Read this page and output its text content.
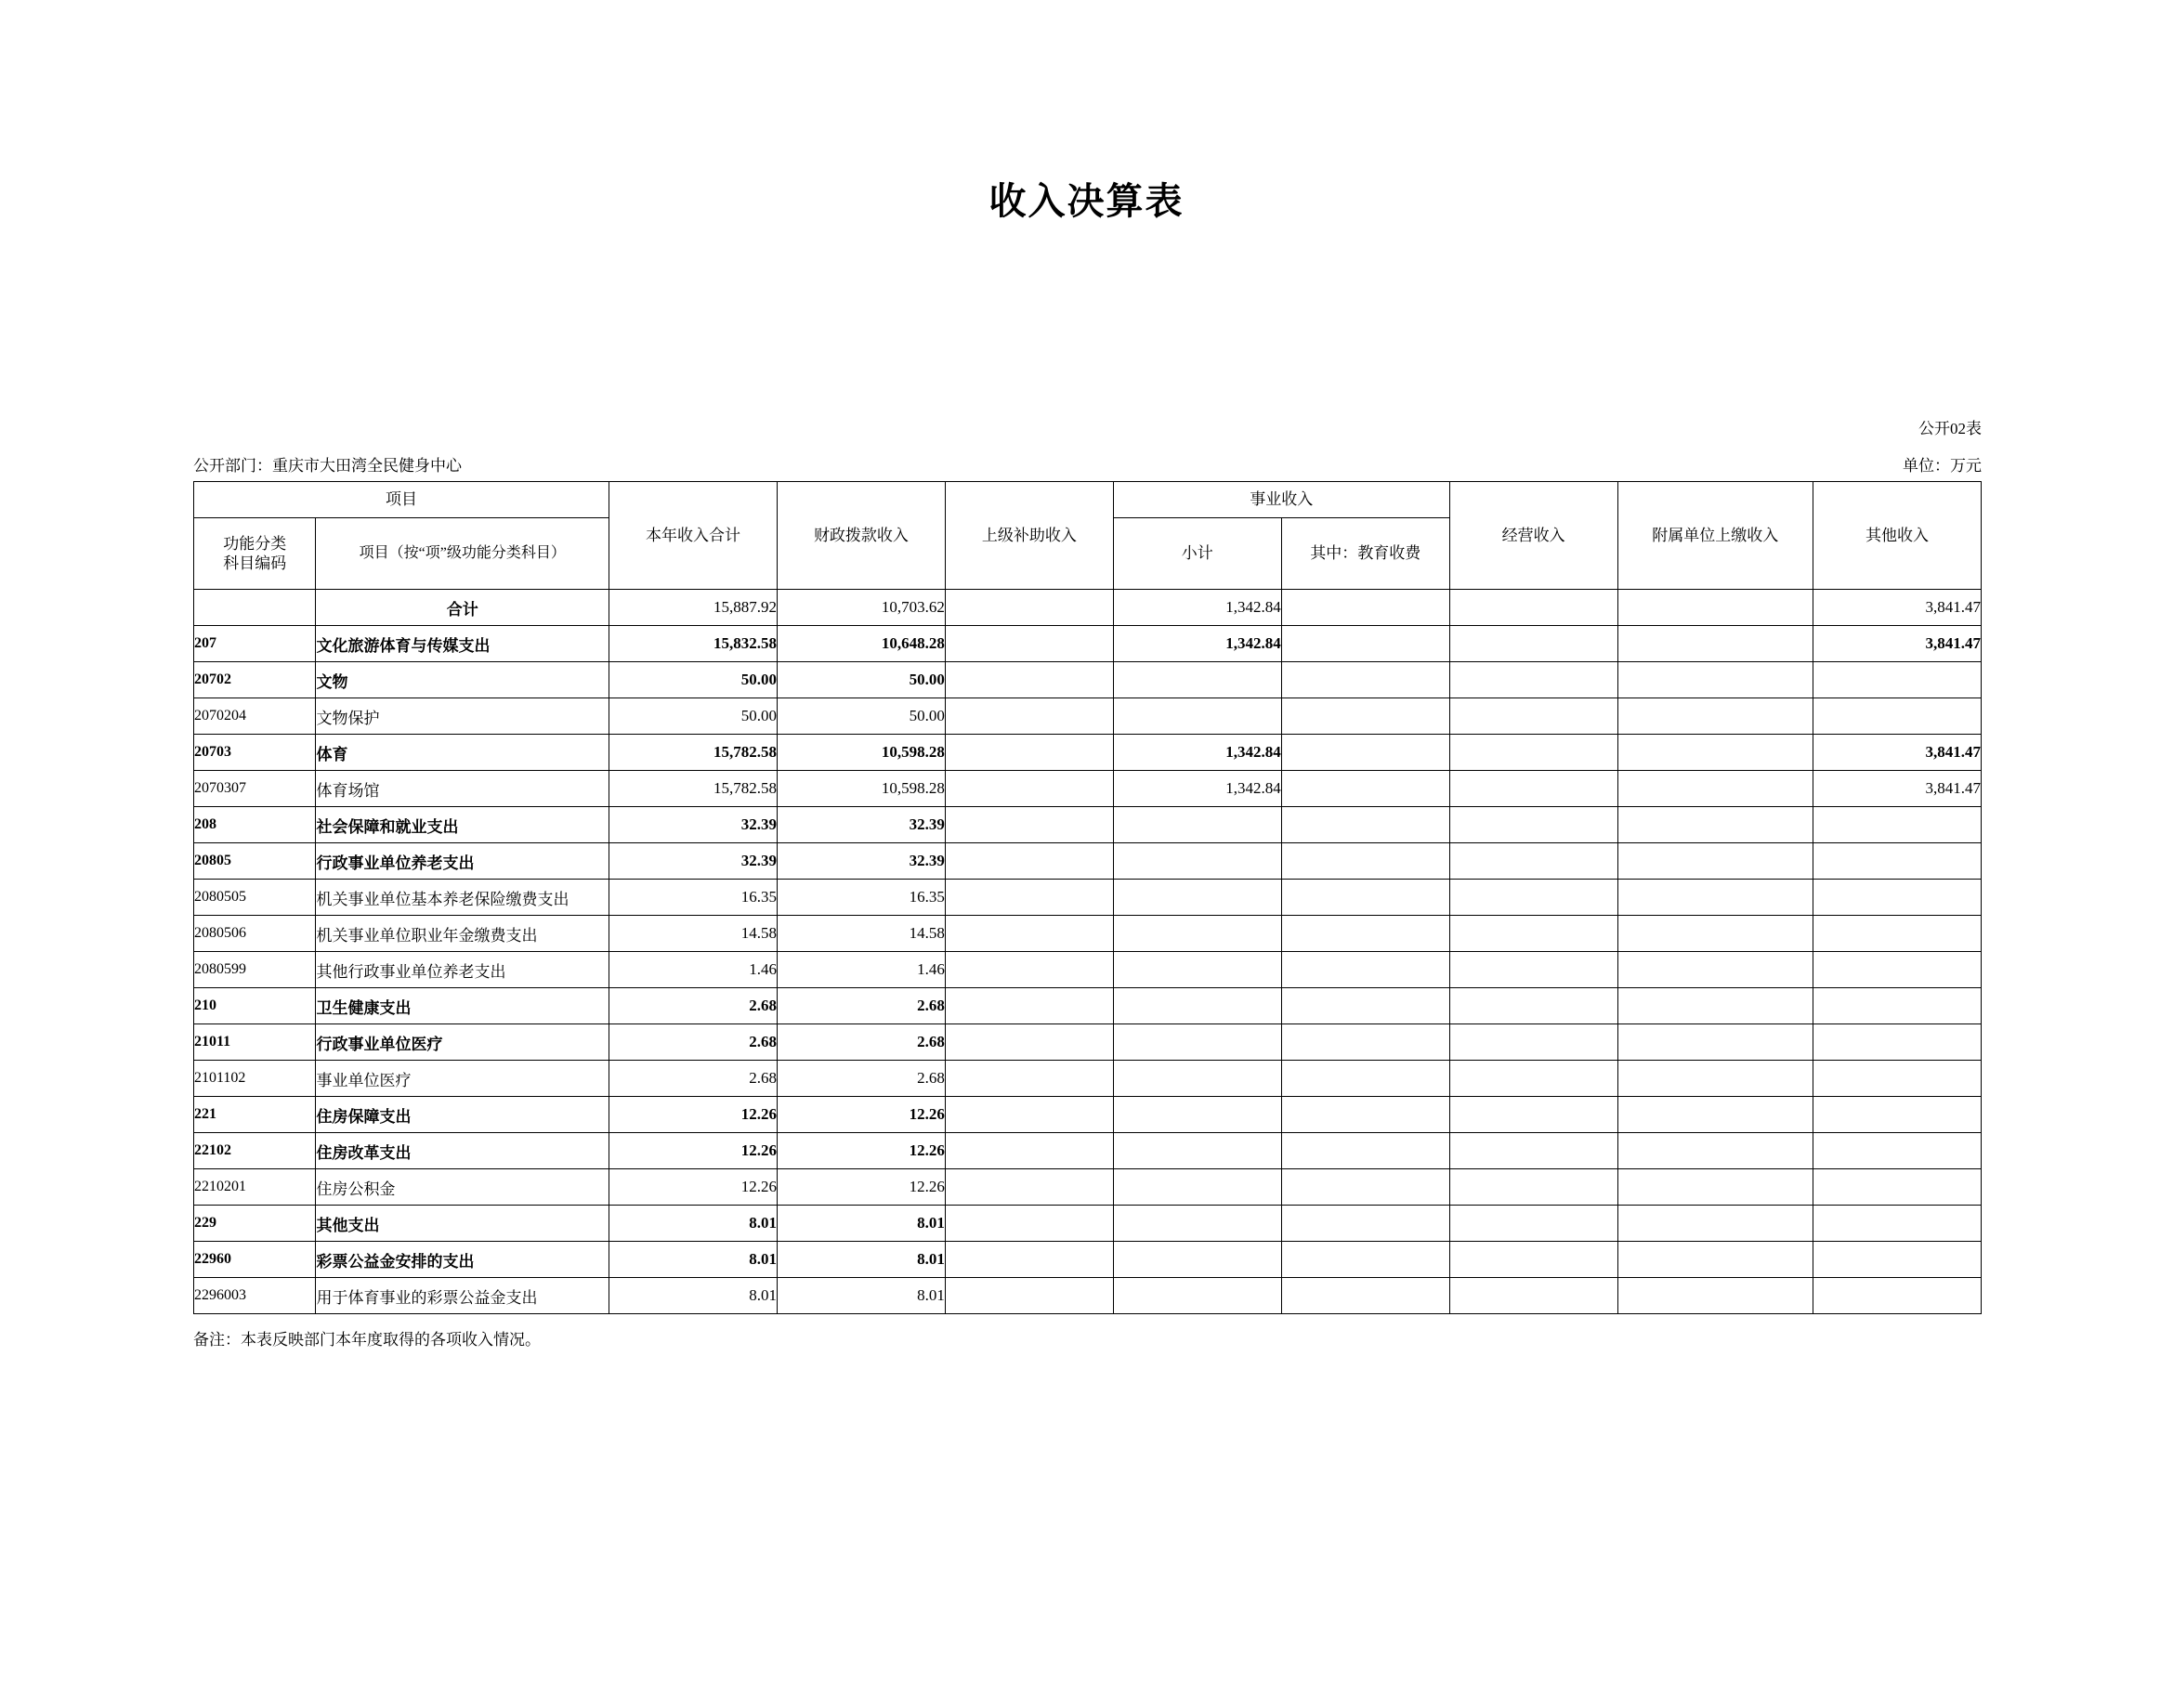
收入决算表
公开02表
公开部门：重庆市大田湾全民健身中心	单位：万元
项目		本年收入合计	财政拨款收入	上级补助收入	事业收入		经营收入	附属单位上缴收入	其他收入

功能分类
科目编码	项目（按“项”级功能分类科目）				小计	其中：教育收费			
	合计	15,887.92	10,703.62		1,342.84				3,841.47
207	文化旅游体育与传媒支出	15,832.58	10,648.28		1,342.84				3,841.47
20702	文物	50.00	50.00						
2070204	文物保护	50.00	50.00						
20703	体育	15,782.58	10,598.28		1,342.84				3,841.47
2070307	体育场馆	15,782.58	10,598.28		1,342.84				3,841.47
208	社会保障和就业支出	32.39	32.39						
20805	行政事业单位养老支出	32.39	32.39						
2080505	机关事业单位基本养老保险缴费支出	16.35	16.35						
2080506	机关事业单位职业年金缴费支出	14.58	14.58						
2080599	其他行政事业单位养老支出	1.46	1.46						
210	卫生健康支出	2.68	2.68						
21011	行政事业单位医疗	2.68	2.68						
2101102	事业单位医疗	2.68	2.68						
221	住房保障支出	12.26	12.26						
22102	住房改革支出	12.26	12.26						
2210201	住房公积金	12.26	12.26						
229	其他支出	8.01	8.01						
22960	彩票公益金安排的支出	8.01	8.01						
2296003	用于体育事业的彩票公益金支出	8.01	8.01						
备注：本表反映部门本年度取得的各项收入情况。
